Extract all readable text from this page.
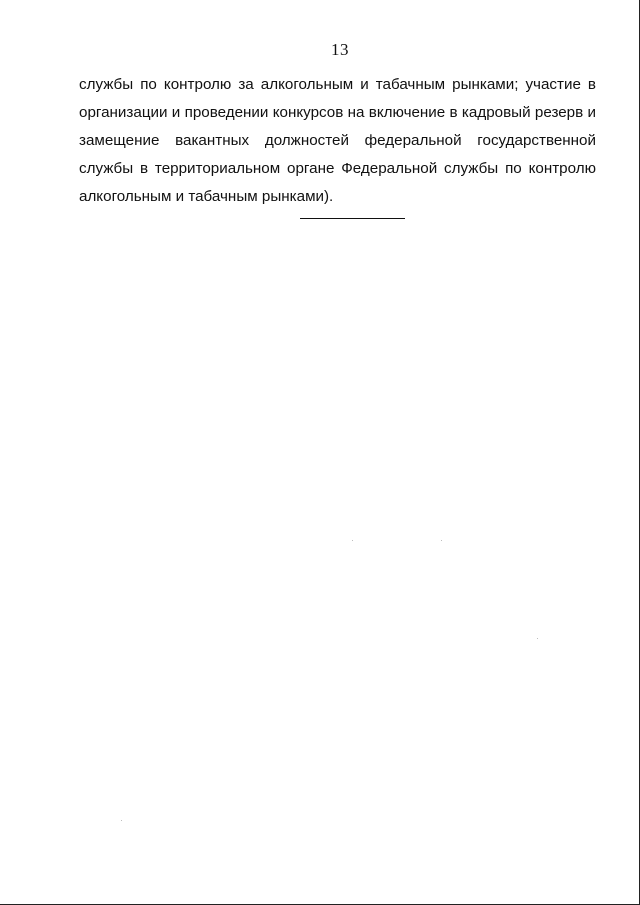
13
службы по контролю за алкогольным и табачным рынками; участие в
организации и проведении конкурсов на включение в кадровый резерв и
замещение вакантных должностей федеральной государственной
службы в территориальном органе Федеральной службы по контролю
алкогольным и табачным рынками).
